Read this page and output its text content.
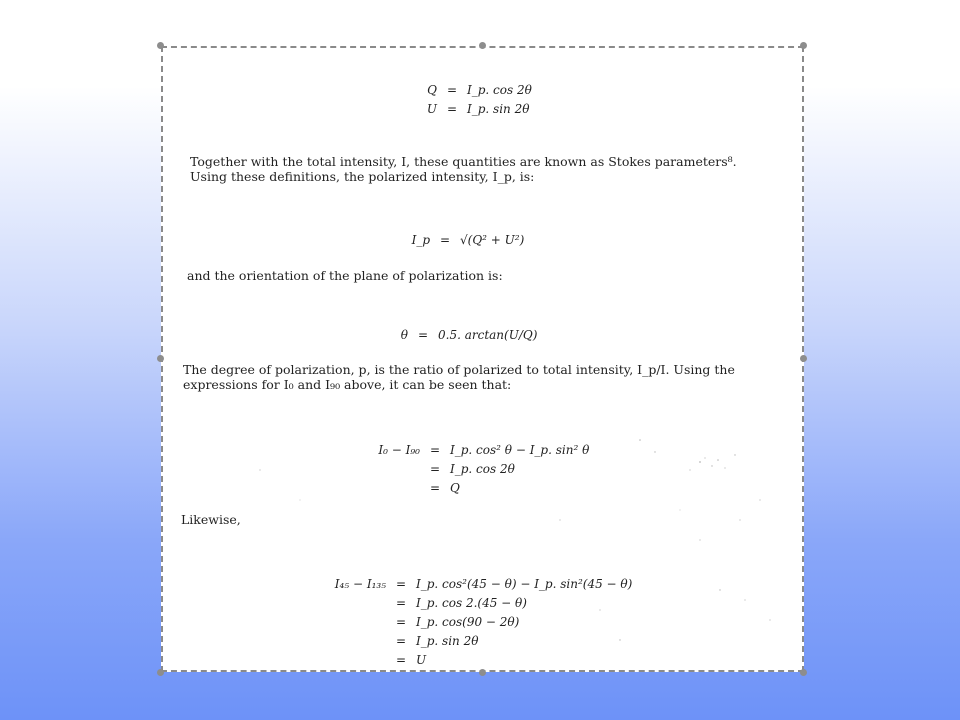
Q = I_p. cos 2θ
U = I_p. sin 2θ
Together with the total intensity, I, these quantities are known as Stokes parameters⁸. Using these definitions, the polarized intensity, I_p, is:
I_p = √(Q² + U²)
and the orientation of the plane of polarization is:
θ = 0.5. arctan(U/Q)
The degree of polarization, p, is the ratio of polarized to total intensity, I_p/I. Using the expressions for I₀ and I₉₀ above, it can be seen that:
I₀ − I₉₀ = I_p. cos² θ − I_p. sin² θ
= I_p. cos 2θ
= Q
Likewise,
I₄₅ − I₁₃₅ = I_p. cos²(45 − θ) − I_p. sin²(45 − θ)
= I_p. cos 2.(45 − θ)
= I_p. cos(90 − 2θ)
= I_p. sin 2θ
= U
